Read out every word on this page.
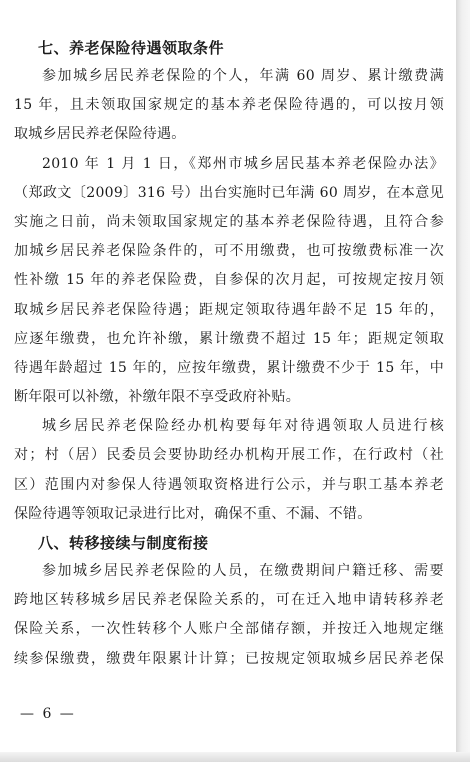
七、养老保险待遇领取条件
参加城乡居民养老保险的个人，年满 60 周岁、累计缴费满
15 年，且未领取国家规定的基本养老保险待遇的，可以按月领
取城乡居民养老保险待遇。
2010 年 1 月 1 日，《郑州市城乡居民基本养老保险办法》
（郑政文〔2009〕316 号）出台实施时已年满 60 周岁，在本意见
实施之日前，尚未领取国家规定的基本养老保险待遇，且符合参
加城乡居民养老保险条件的，可不用缴费，也可按缴费标准一次
性补缴 15 年的养老保险费，自参保的次月起，可按规定按月领
取城乡居民养老保险待遇；距规定领取待遇年龄不足 15 年的，
应逐年缴费，也允许补缴，累计缴费不超过 15 年；距规定领取
待遇年龄超过 15 年的，应按年缴费，累计缴费不少于 15 年，中
断年限可以补缴，补缴年限不享受政府补贴。
城乡居民养老保险经办机构要每年对待遇领取人员进行核
对；村（居）民委员会要协助经办机构开展工作，在行政村（社
区）范围内对参保人待遇领取资格进行公示，并与职工基本养老
保险待遇等领取记录进行比对，确保不重、不漏、不错。
八、转移接续与制度衔接
参加城乡居民养老保险的人员，在缴费期间户籍迁移、需要
跨地区转移城乡居民养老保险关系的，可在迁入地申请转移养老
保险关系，一次性转移个人账户全部储存额，并按迁入地规定继
续参保缴费，缴费年限累计计算；已按规定领取城乡居民养老保
— 6 —
